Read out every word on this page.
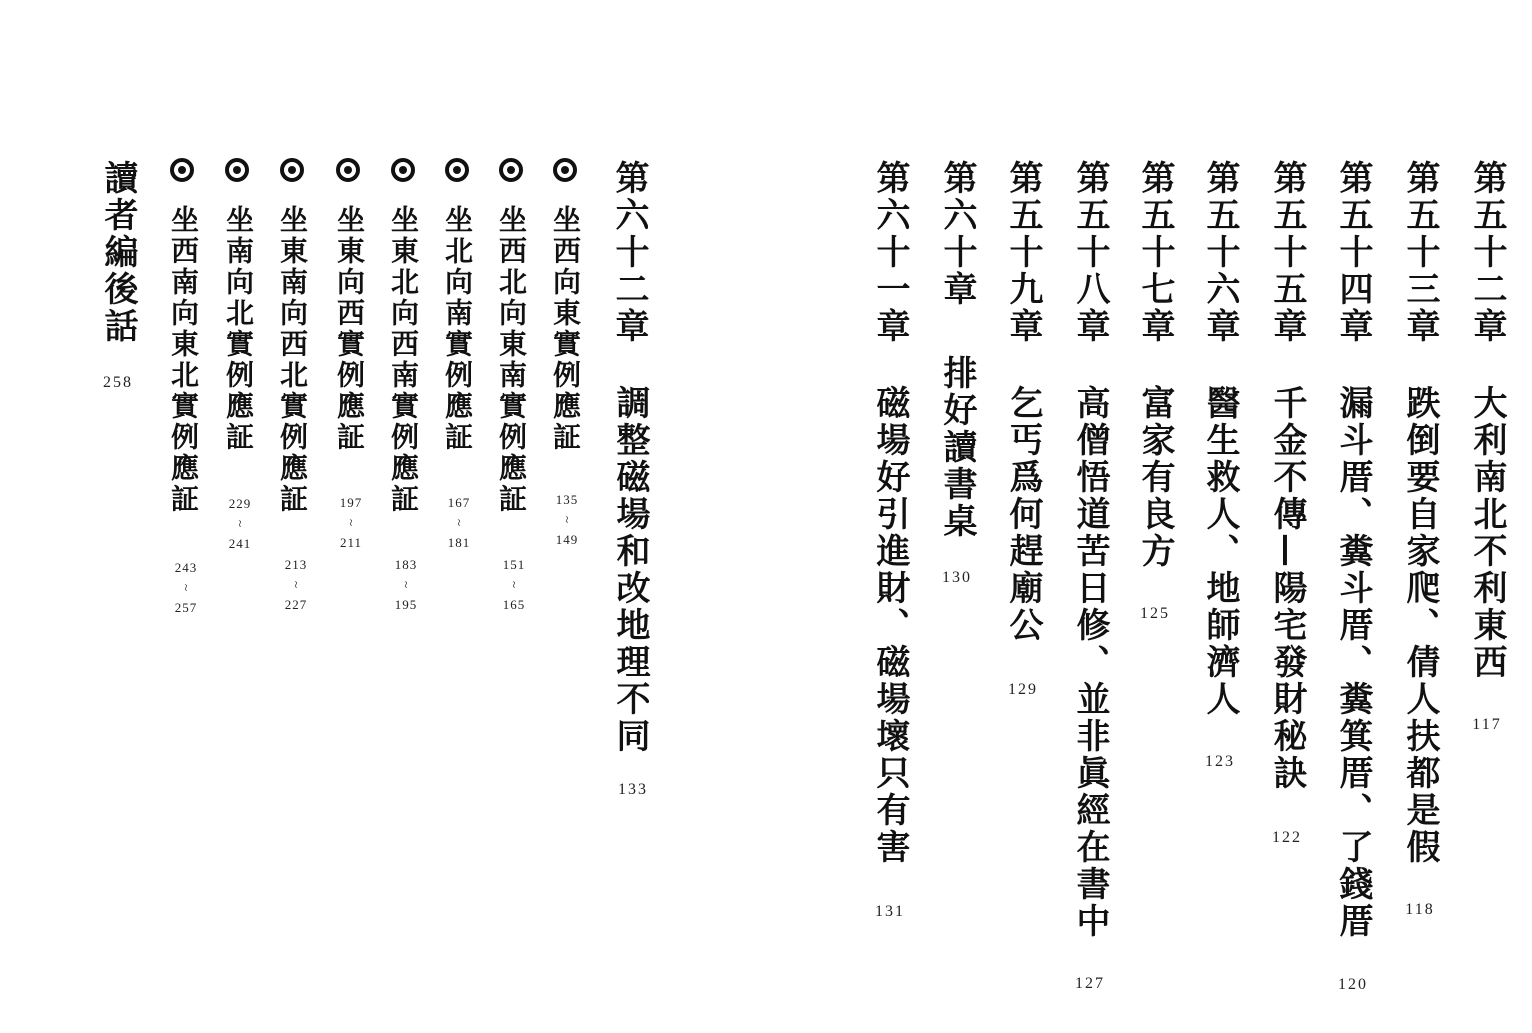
第五十二章
大利南北不利東西
117
第五十三章
跌倒要自家爬、倩人扶都是假
118
第五十四章
漏斗厝、糞斗厝、糞箕厝、了錢厝
120
第五十五章
千金不傳—陽宅發財秘訣
122
第五十六章
醫生救人、地師濟人
123
第五十七章
富家有良方
125
第五十八章
高僧悟道苦日修、並非眞經在書中
127
第五十九章
乞丐爲何趕廟公
129
第六十章
排好讀書桌
130
第六十一章
磁場好引進財、磁場壞只有害
131
第六十二章
調整磁場和改地理不同
133
坐西向東實例應証
135
~
149
坐西北向東南實例應証
151
~
165
坐北向南實例應証
167
~
181
坐東北向西南實例應証
183
~
195
坐東向西實例應証
197
~
211
坐東南向西北實例應証
213
~
227
坐南向北實例應証
229
~
241
坐西南向東北實例應証
243
~
257
讀者編後話
258
